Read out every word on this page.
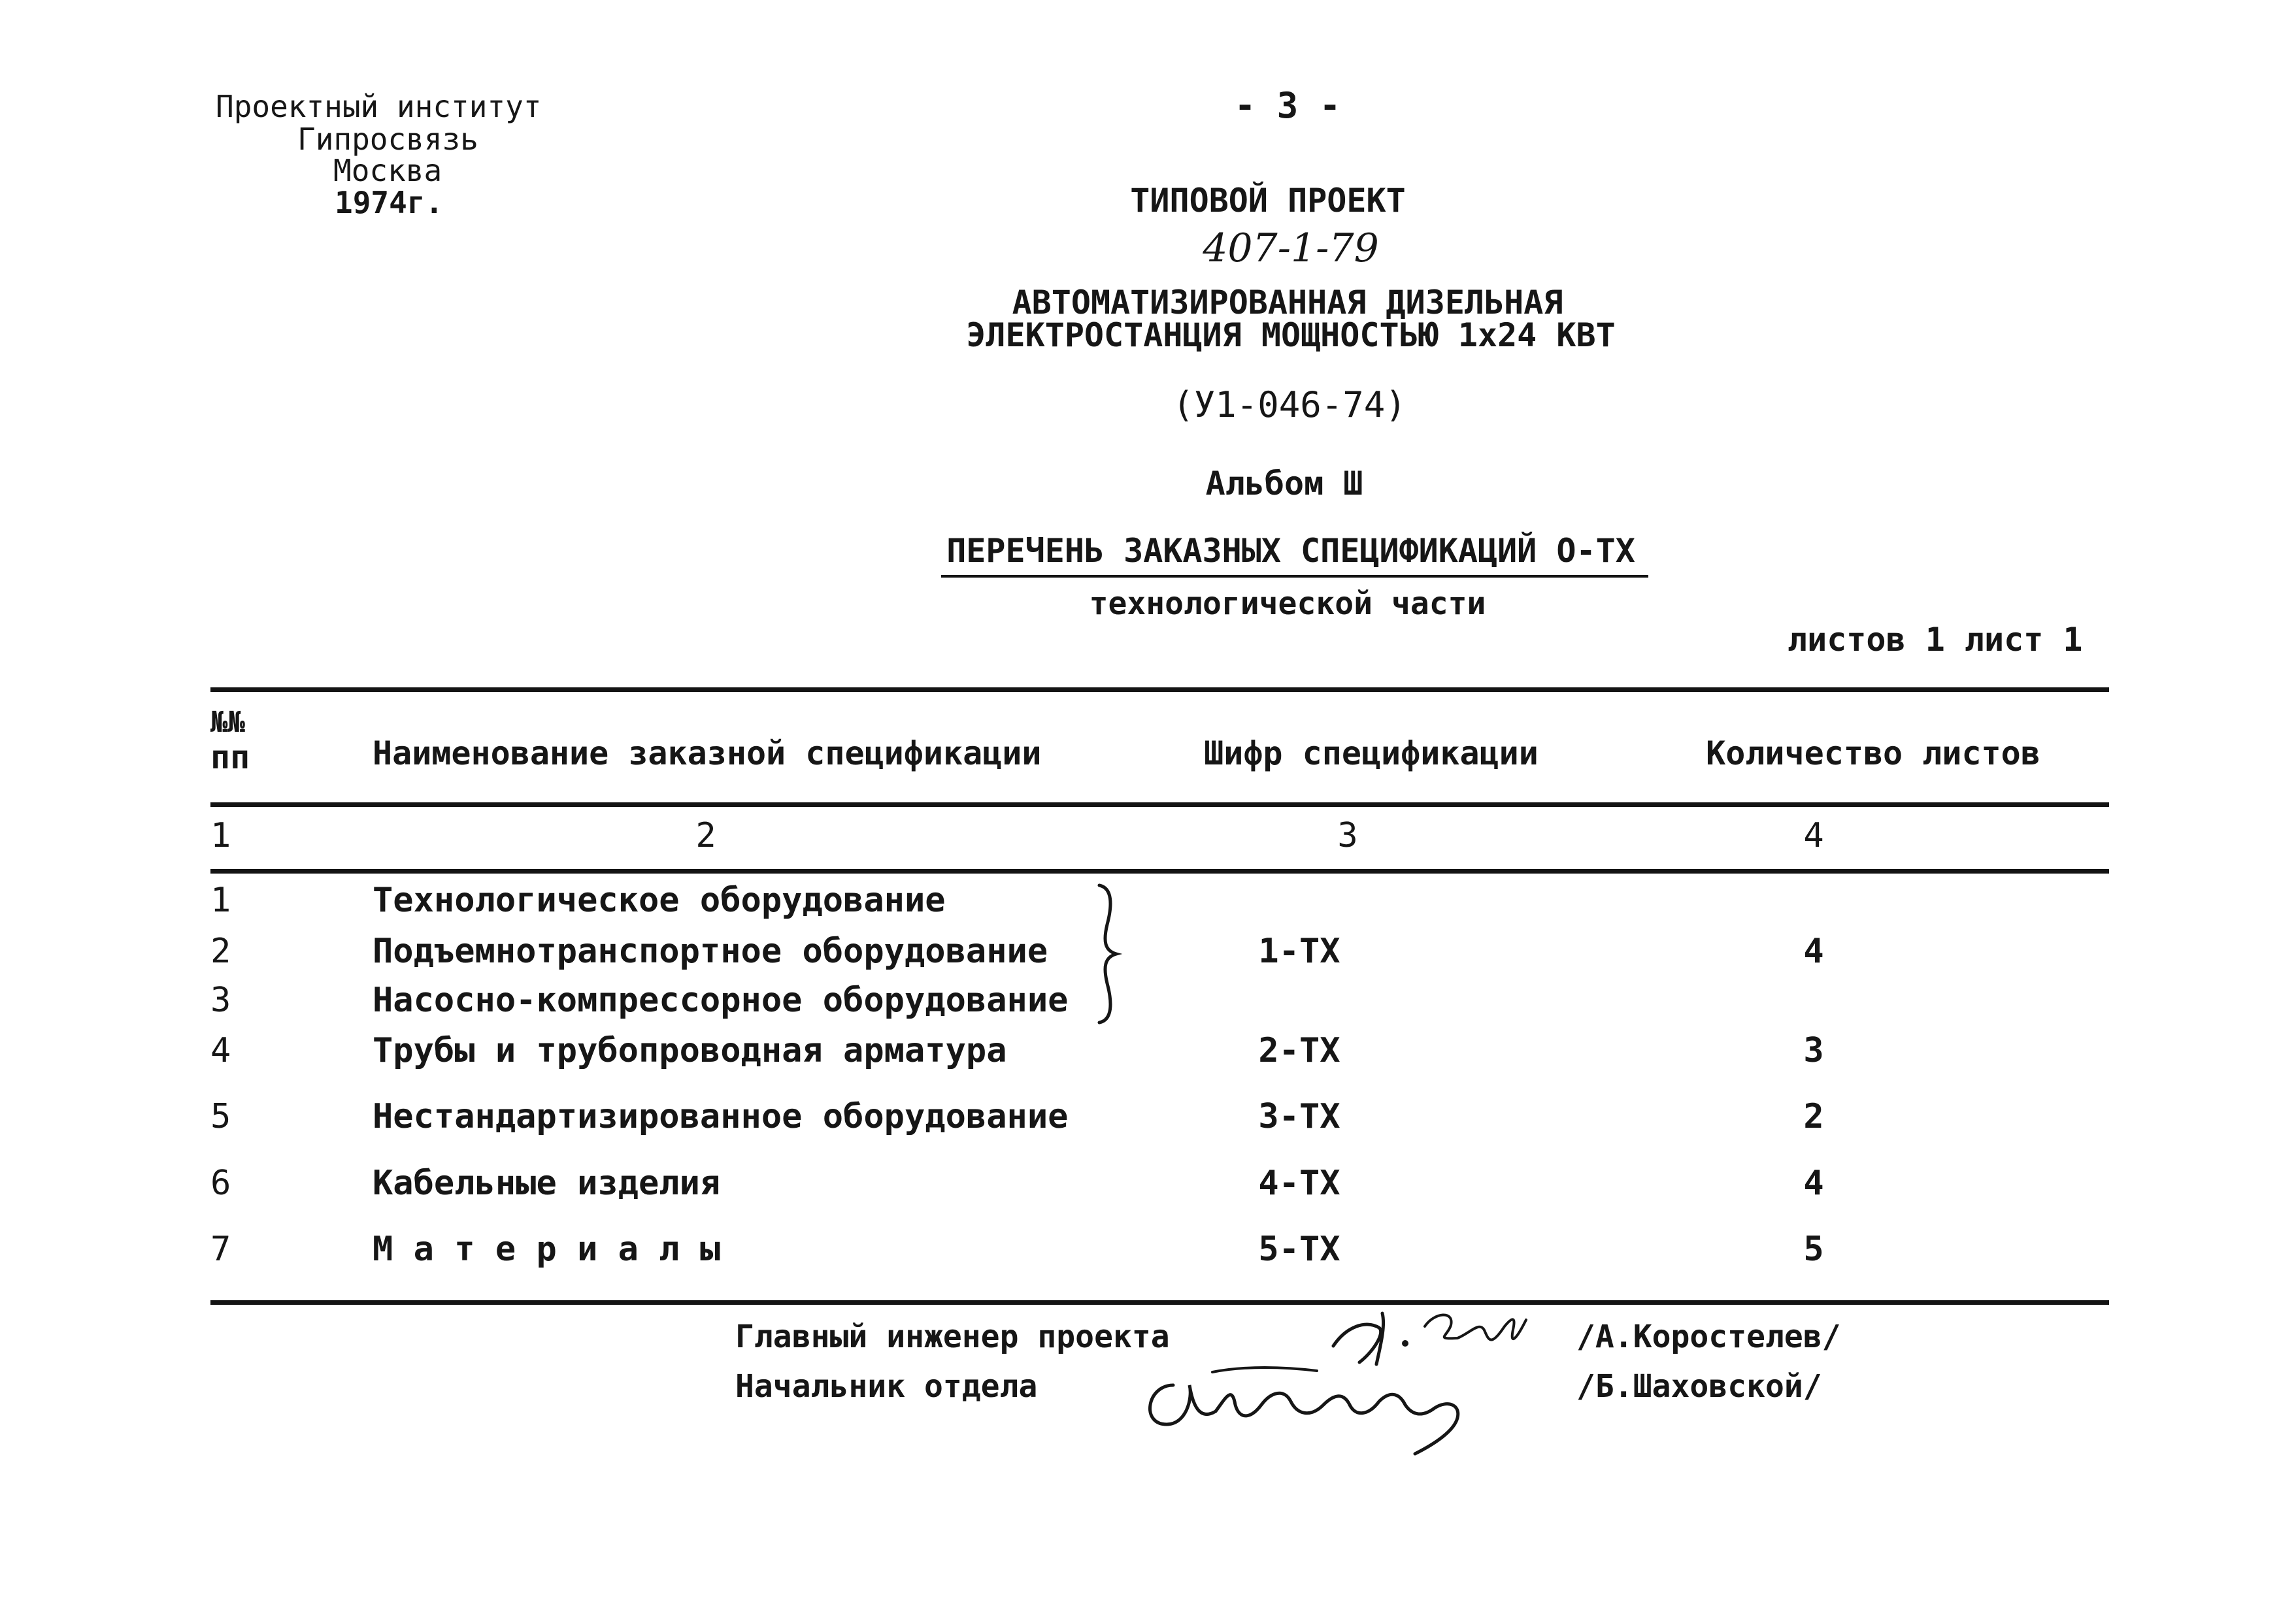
Проектный институт
Гипросвязь
Москва
1974г.
- 3 -
ТИПОВОЙ ПРОЕКТ
407-1-79
АВТОМАТИЗИРОВАННАЯ ДИЗЕЛЬНАЯ
ЭЛЕКТРОСТАНЦИЯ МОЩНОСТЬЮ 1х24 КВТ
(У1-046-74)
Альбом Ш
ПЕРЕЧЕНЬ ЗАКАЗНЫХ СПЕЦИФИКАЦИЙ О-ТХ
технологической части
листов 1 лист 1
№№
пп	Наименование заказной спецификации	Шифр спецификации	Количество листов
1	2	3	4
1	Технологическое оборудование
2	Подъемнотранспортное оборудование	1-ТХ	4
3	Насосно-компрессорное оборудование
4	Трубы и трубопроводная арматура	2-ТХ	3
5	Нестандартизированное оборудование	3-ТХ	2
6	Кабельные изделия	4-ТХ	4
7	М а т е р и а л ы	5-ТХ	5
Главный инженер проекта	/А.Коростелев/
Начальник отдела	/Б.Шаховской/
